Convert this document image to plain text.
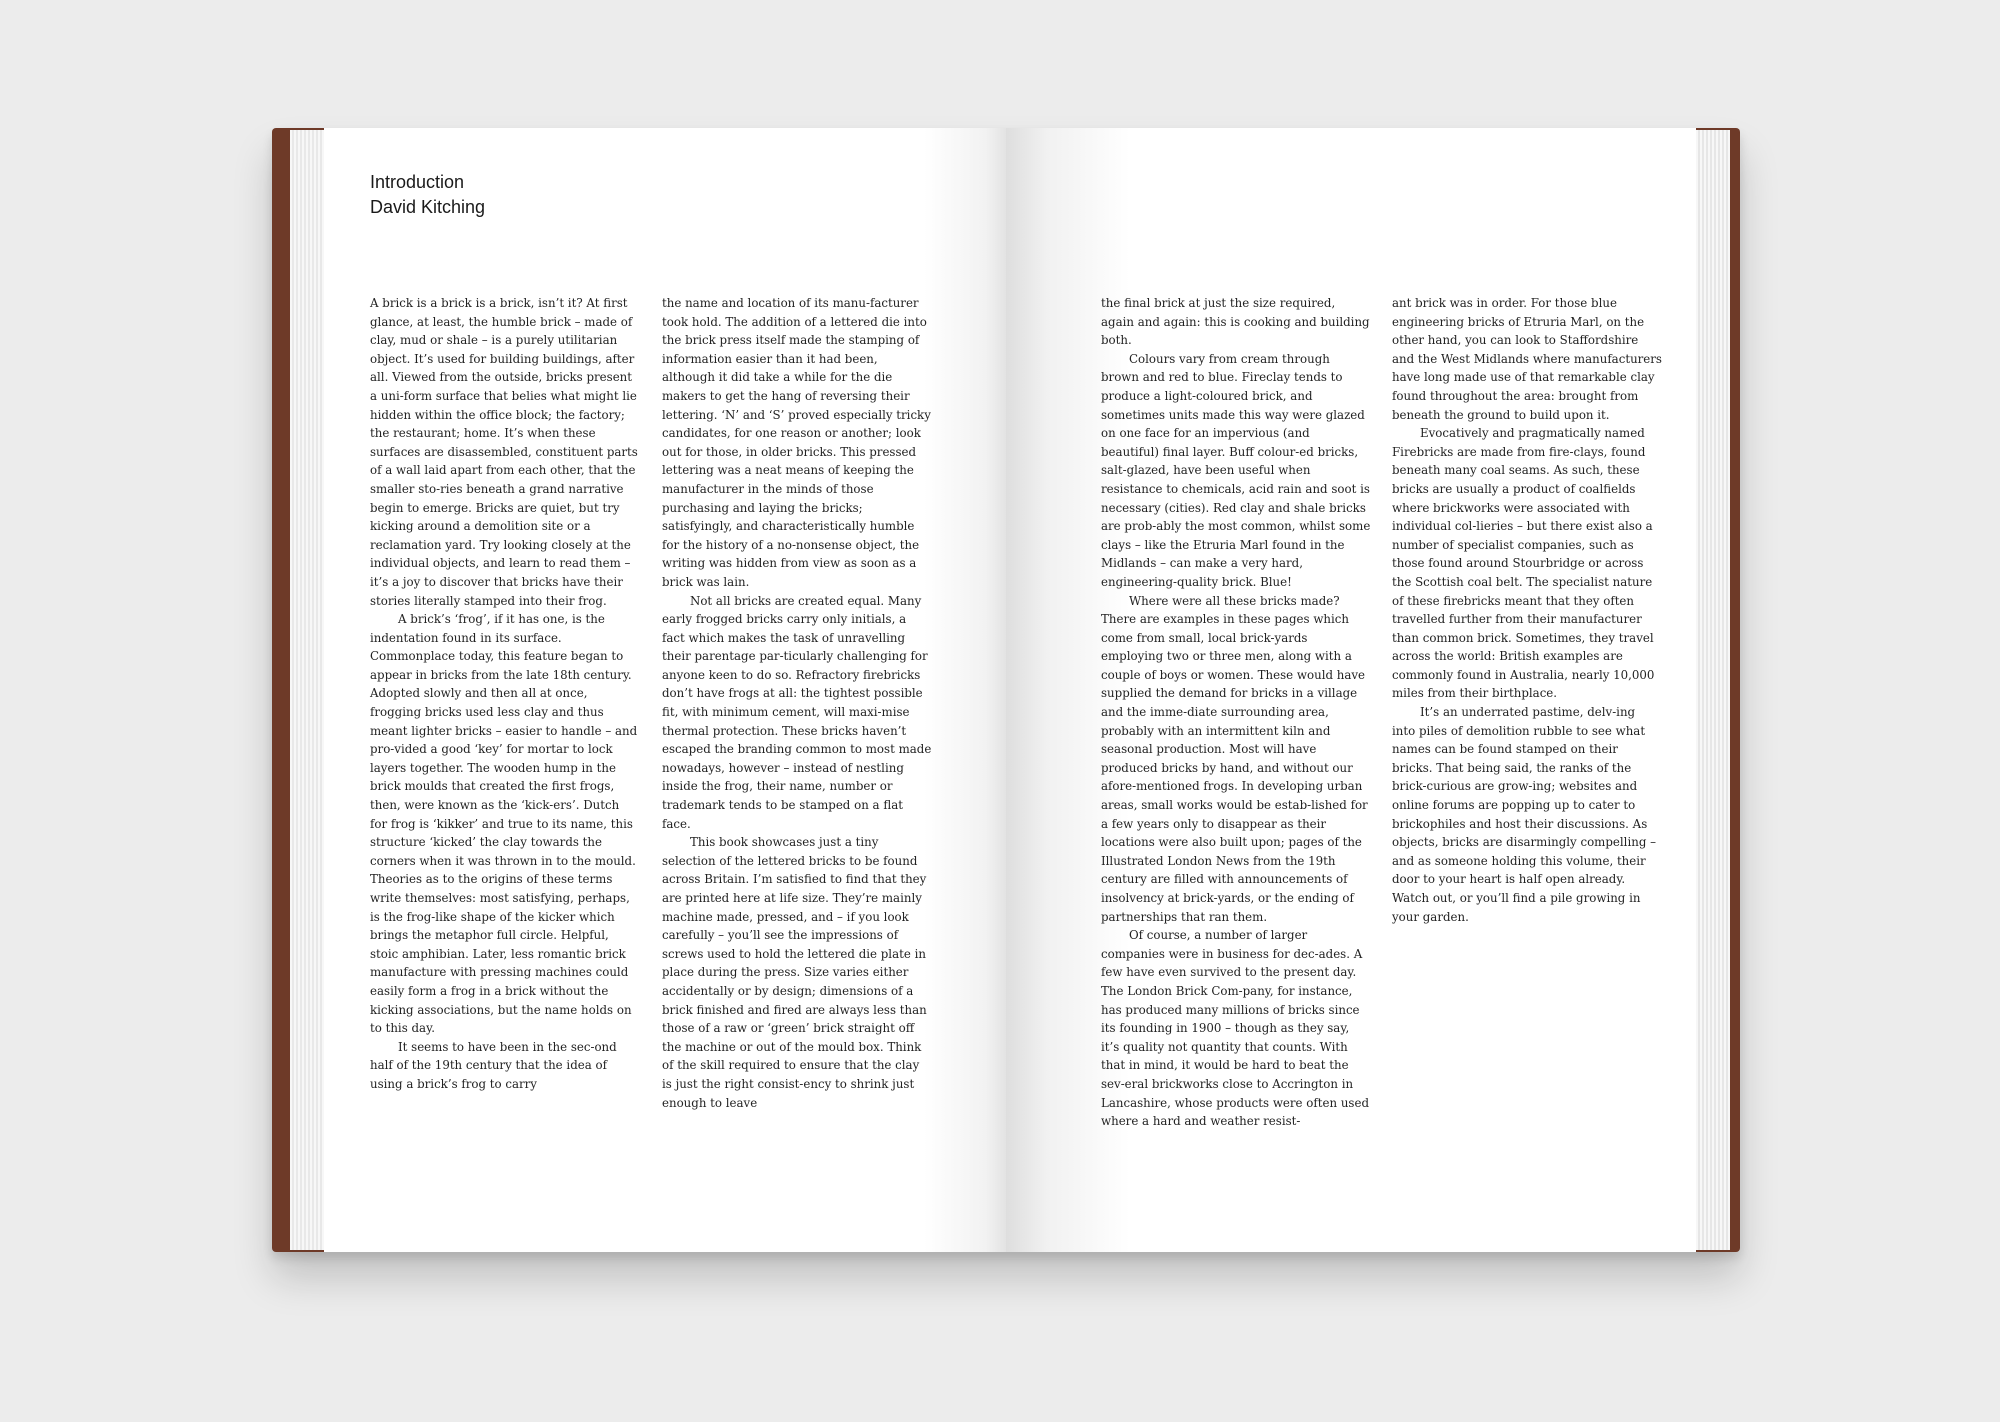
Introduction
David Kitching

A brick is a brick is a brick, isn’t it? At first glance, at least, the humble brick – made of clay, mud or shale – is a purely utilitarian object. It’s used for building buildings, after all. Viewed from the outside, bricks present a uni-form surface that belies what might lie hidden within the office block; the factory; the restaurant; home. It’s when these surfaces are disassembled, constituent parts of a wall laid apart from each other, that the smaller sto-ries beneath a grand narrative begin to emerge. Bricks are quiet, but try kicking around a demolition site or a reclamation yard. Try looking closely at the individual objects, and learn to read them – it’s a joy to discover that bricks have their stories literally stamped into their frog.

A brick’s ‘frog’, if it has one, is the indentation found in its surface. Commonplace today, this feature began to appear in bricks from the late 18th century. Adopted slowly and then all at once, frogging bricks used less clay and thus meant lighter bricks – easier to handle – and pro-vided a good ‘key’ for mortar to lock layers together. The wooden hump in the brick moulds that created the first frogs, then, were known as the ‘kick-ers’. Dutch for frog is ‘kikker’ and true to its name, this structure ‘kicked’ the clay towards the corners when it was thrown in to the mould. Theories as to the origins of these terms write themselves: most satisfying, perhaps, is the frog-like shape of the kicker which brings the metaphor full circle. Helpful, stoic amphibian. Later, less romantic brick manufacture with pressing machines could easily form a frog in a brick without the kicking associations, but the name holds on to this day.

It seems to have been in the sec-ond half of the 19th century that the idea of using a brick’s frog to carry

the name and location of its manu-facturer took hold. The addition of a lettered die into the brick press itself made the stamping of information easier than it had been, although it did take a while for the die makers to get the hang of reversing their lettering. ‘N’ and ‘S’ proved especially tricky candidates, for one reason or another; look out for those, in older bricks. This pressed lettering was a neat means of keeping the manufacturer in the minds of those purchasing and laying the bricks; satisfyingly, and characteristically humble for the history of a no-nonsense object, the writing was hidden from view as soon as a brick was lain.

Not all bricks are created equal. Many early frogged bricks carry only initials, a fact which makes the task of unravelling their parentage par-ticularly challenging for anyone keen to do so. Refractory firebricks don’t have frogs at all: the tightest possible fit, with minimum cement, will maxi-mise thermal protection. These bricks haven’t escaped the branding common to most made nowadays, however – instead of nestling inside the frog, their name, number or trademark tends to be stamped on a flat face.

This book showcases just a tiny selection of the lettered bricks to be found across Britain. I’m satisfied to find that they are printed here at life size. They’re mainly machine made, pressed, and – if you look carefully – you’ll see the impressions of screws used to hold the lettered die plate in place during the press. Size varies either accidentally or by design; dimensions of a brick finished and fired are always less than those of a raw or ‘green’ brick straight off the machine or out of the mould box. Think of the skill required to ensure that the clay is just the right consist-ency to shrink just enough to leave

the final brick at just the size required, again and again: this is cooking and building both.

Colours vary from cream through brown and red to blue. Fireclay tends to produce a light-coloured brick, and sometimes units made this way were glazed on one face for an impervious (and beautiful) final layer. Buff colour-ed bricks, salt-glazed, have been useful when resistance to chemicals, acid rain and soot is necessary (cities). Red clay and shale bricks are prob-ably the most common, whilst some clays – like the Etruria Marl found in the Midlands – can make a very hard, engineering-quality brick. Blue!

Where were all these bricks made? There are examples in these pages which come from small, local brick-yards employing two or three men, along with a couple of boys or women. These would have supplied the demand for bricks in a village and the imme-diate surrounding area, probably with an intermittent kiln and seasonal production. Most will have produced bricks by hand, and without our afore-mentioned frogs. In developing urban areas, small works would be estab-lished for a few years only to disappear as their locations were also built upon; pages of the Illustrated London News from the 19th century are filled with announcements of insolvency at brick-yards, or the ending of partnerships that ran them.

Of course, a number of larger companies were in business for dec-ades. A few have even survived to the present day. The London Brick Com-pany, for instance, has produced many millions of bricks since its founding in 1900 – though as they say, it’s quality not quantity that counts. With that in mind, it would be hard to beat the sev-eral brickworks close to Accrington in Lancashire, whose products were often used where a hard and weather resist-

ant brick was in order. For those blue engineering bricks of Etruria Marl, on the other hand, you can look to Staffordshire and the West Midlands where manufacturers have long made use of that remarkable clay found throughout the area: brought from beneath the ground to build upon it.

Evocatively and pragmatically named Firebricks are made from fire-clays, found beneath many coal seams. As such, these bricks are usually a product of coalfields where brickworks were associated with individual col-lieries – but there exist also a number of specialist companies, such as those found around Stourbridge or across the Scottish coal belt. The specialist nature of these firebricks meant that they often travelled further from their manufacturer than common brick. Sometimes, they travel across the world: British examples are commonly found in Australia, nearly 10,000 miles from their birthplace.

It’s an underrated pastime, delv-ing into piles of demolition rubble to see what names can be found stamped on their bricks. That being said, the ranks of the brick-curious are grow-ing; websites and online forums are popping up to cater to brickophiles and host their discussions. As objects, bricks are disarmingly compelling – and as someone holding this volume, their door to your heart is half open already. Watch out, or you’ll find a pile growing in your garden.
